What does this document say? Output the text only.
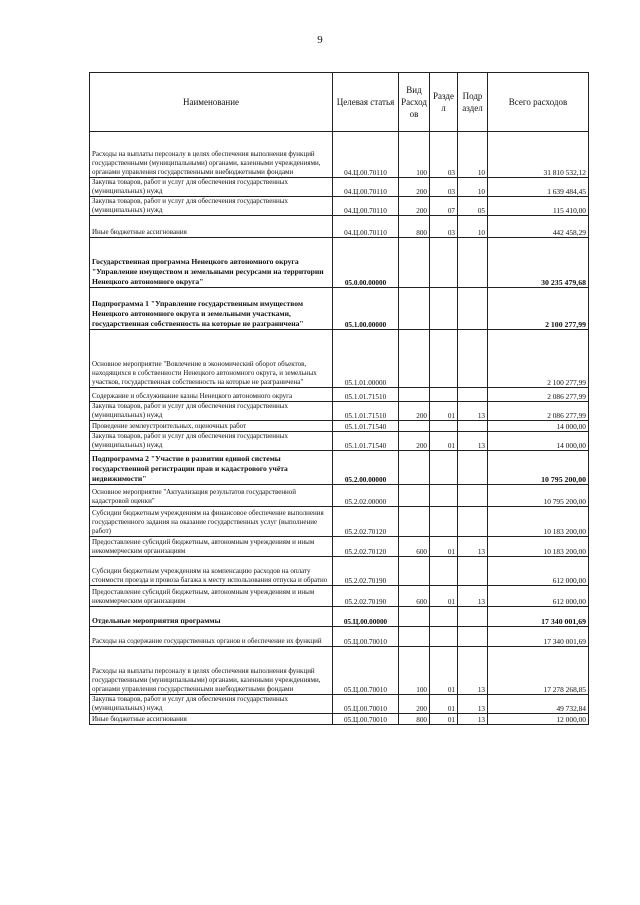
9
Наименование	Целевая статья	Вид Расход ов	Разде л	Подр аздел	Всего расходов
Расходы на выплаты персоналу в целях обеспечения выполнения функций государственными (муниципальными) органами, казенными учреждениями, органами управления государственными внебюджетными фондами	04.Ц.00.70110	100	03	10	31 810 532,12
Закупка товаров, работ и услуг для обеспечения государственных (муниципальных) нужд	04.Ц.00.70110	200	03	10	1 639 484,45
Закупка товаров, работ и услуг для обеспечения государственных (муниципальных) нужд	04.Ц.00.70110	200	07	05	115 410,00
Иные бюджетные ассигнования	04.Ц.00.70110	800	03	10	442 458,29
Государственная программа Ненецкого автономного округа "Управление имуществом и земельными ресурсами на территории Ненецкого автономного округа"	05.0.00.00000				30 235 479,68
Подпрограмма 1 "Управление государственным имуществом Ненецкого автономного округа и земельными участками, государственная собственность на которые не разграничена"	05.1.00.00000				2 100 277,99
Основное мероприятие "Вовлечение в экономический оборот объектов, находящихся в собственности Ненецкого автономного округа, и земельных участков, государственная собственность на которые не разграничена"	05.1.01.00000				2 100 277,99
Содержание и обслуживание казны Ненецкого автономного округа	05.1.01.71510				2 086 277,99
Закупка товаров, работ и услуг для обеспечения государственных (муниципальных) нужд	05.1.01.71510	200	01	13	2 086 277,99
Проведение землеустроительных, оценочных работ	05.1.01.71540				14 000,00
Закупка товаров, работ и услуг для обеспечения государственных (муниципальных) нужд	05.1.01.71540	200	01	13	14 000,00
Подпрограмма 2 "Участие в развитии единой системы государственной регистрации прав и кадастрового учёта недвижимости"	05.2.00.00000				10 795 200,00
Основное мероприятие "Актуализация результатов государственной кадастровой оценки"	05.2.02.00000				10 795 200,00
Субсидии бюджетным учреждениям на финансовое обеспечение выполнения государственного задания на оказание государственных услуг (выполнение работ)	05.2.02.70120				10 183 200,00
Предоставление субсидий бюджетным, автономным учреждениям и иным некоммерческим организациям	05.2.02.70120	600	01	13	10 183 200,00
Субсидии бюджетным учреждениям на компенсацию расходов на оплату стоимости проезда и провоза багажа к месту использования отпуска и обратно	05.2.02.70190				612 000,00
Предоставление субсидий бюджетным, автономным учреждениям и иным некоммерческим организациям	05.2.02.70190	600	01	13	612 000,00
Отдельные мероприятия программы	05.Ц.00.00000				17 340 001,69
Расходы на содержание государственных органов и обеспечение их функций	05.Ц.00.70010				17 340 001,69
Расходы на выплаты персоналу в целях обеспечения выполнения функций государственными (муниципальными) органами, казенными учреждениями, органами управления государственными внебюджетными фондами	05.Ц.00.70010	100	01	13	17 278 268,85
Закупка товаров, работ и услуг для обеспечения государственных (муниципальных) нужд	05.Ц.00.70010	200	01	13	49 732,84
Иные бюджетные ассигнования	05.Ц.00.70010	800	01	13	12 000,00
